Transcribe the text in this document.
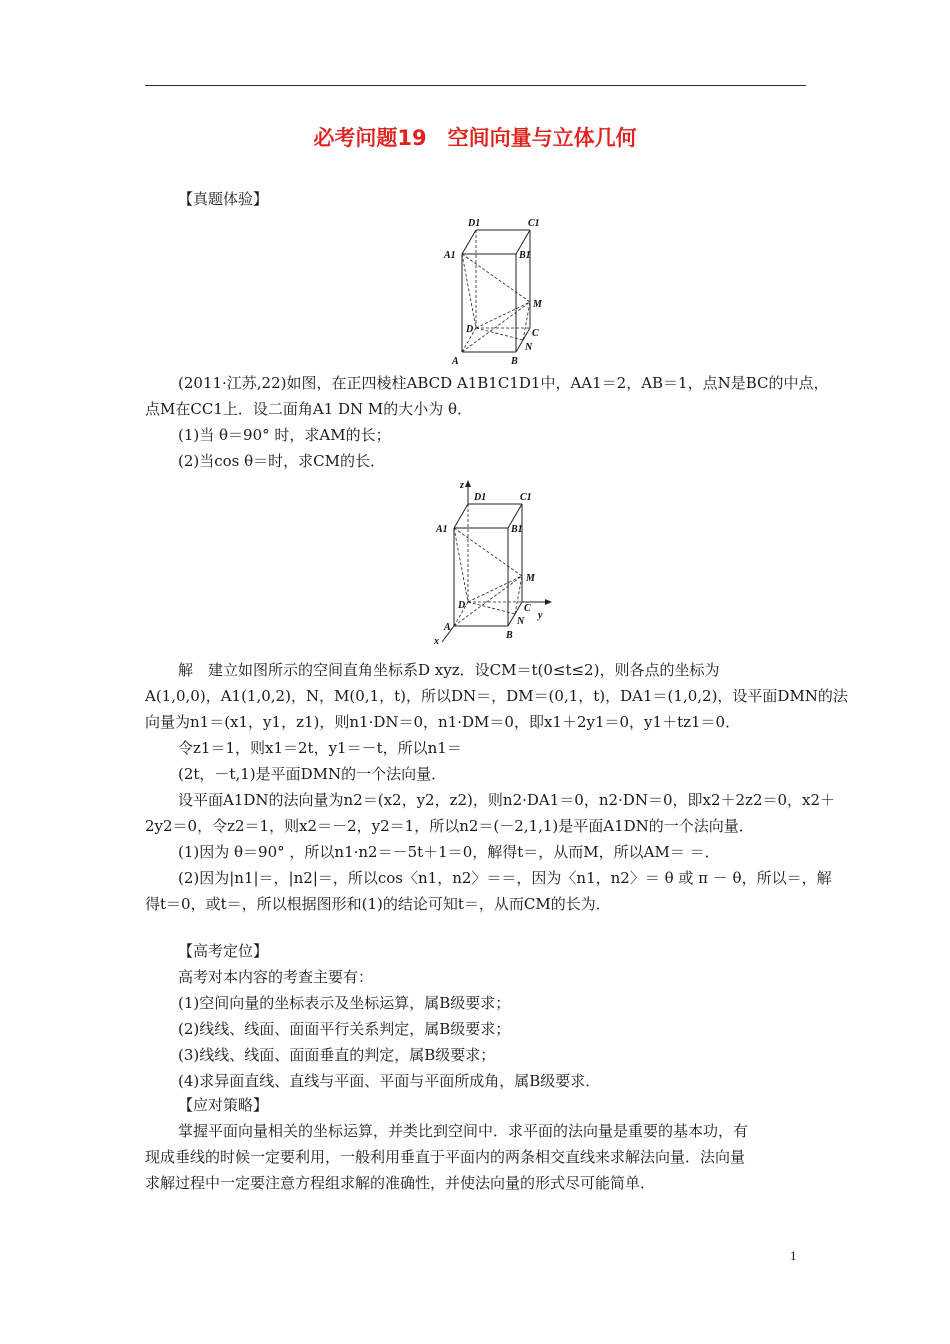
必考问题19　空间向量与立体几何
【真题体验】
D1	C1
A1	B1
M
D	C
N
A	B
(2011·江苏,22)如图，在正四棱柱ABCD A1B1C1D1中，AA1＝2，AB＝1，点N是BC的中点，
点M在CC1上．设二面角A1 DN M的大小为 θ．
(1)当 θ＝90° 时，求AM的长；
(2)当cos θ＝时，求CM的长．
z
D1	C1
A1	B1
M
D	C
N
y
A
B
x
解　建立如图所示的空间直角坐标系D xyz．设CM＝t(0≤t≤2)，则各点的坐标为
A(1,0,0)，A1(1,0,2)，N，M(0,1，t)，所以DN＝，DM＝(0,1，t)，DA1＝(1,0,2)，设平面DMN的法
向量为n1＝(x1，y1，z1)，则n1·DN＝0，n1·DM＝0，即x1＋2y1＝0，y1＋tz1＝0．
令z1＝1，则x1＝2t，y1＝－t，所以n1＝
(2t，－t,1)是平面DMN的一个法向量．
设平面A1DN的法向量为n2＝(x2，y2，z2)，则n2·DA1＝0，n2·DN＝0，即x2＋2z2＝0，x2＋
2y2＝0，令z2＝1，则x2＝－2，y2＝1，所以n2＝(－2,1,1)是平面A1DN的一个法向量．
(1)因为 θ＝90° ，所以n1·n2＝－5t＋1＝0，解得t＝，从而M，所以AM＝ ＝．
(2)因为|n1|＝，|n2|＝，所以cos〈n1，n2〉＝＝，因为〈n1，n2〉＝ θ 或 π － θ，所以＝，解
得t＝0，或t＝，所以根据图形和(1)的结论可知t＝，从而CM的长为．
【高考定位】
高考对本内容的考查主要有：
(1)空间向量的坐标表示及坐标运算，属B级要求；
(2)线线、线面、面面平行关系判定，属B级要求；
(3)线线、线面、面面垂直的判定，属B级要求；
(4)求异面直线、直线与平面、平面与平面所成角，属B级要求．
【应对策略】
掌握平面向量相关的坐标运算，并类比到空间中．求平面的法向量是重要的基本功，有
现成垂线的时候一定要利用，一般利用垂直于平面内的两条相交直线来求解法向量．法向量
求解过程中一定要注意方程组求解的准确性，并使法向量的形式尽可能简单．
1
